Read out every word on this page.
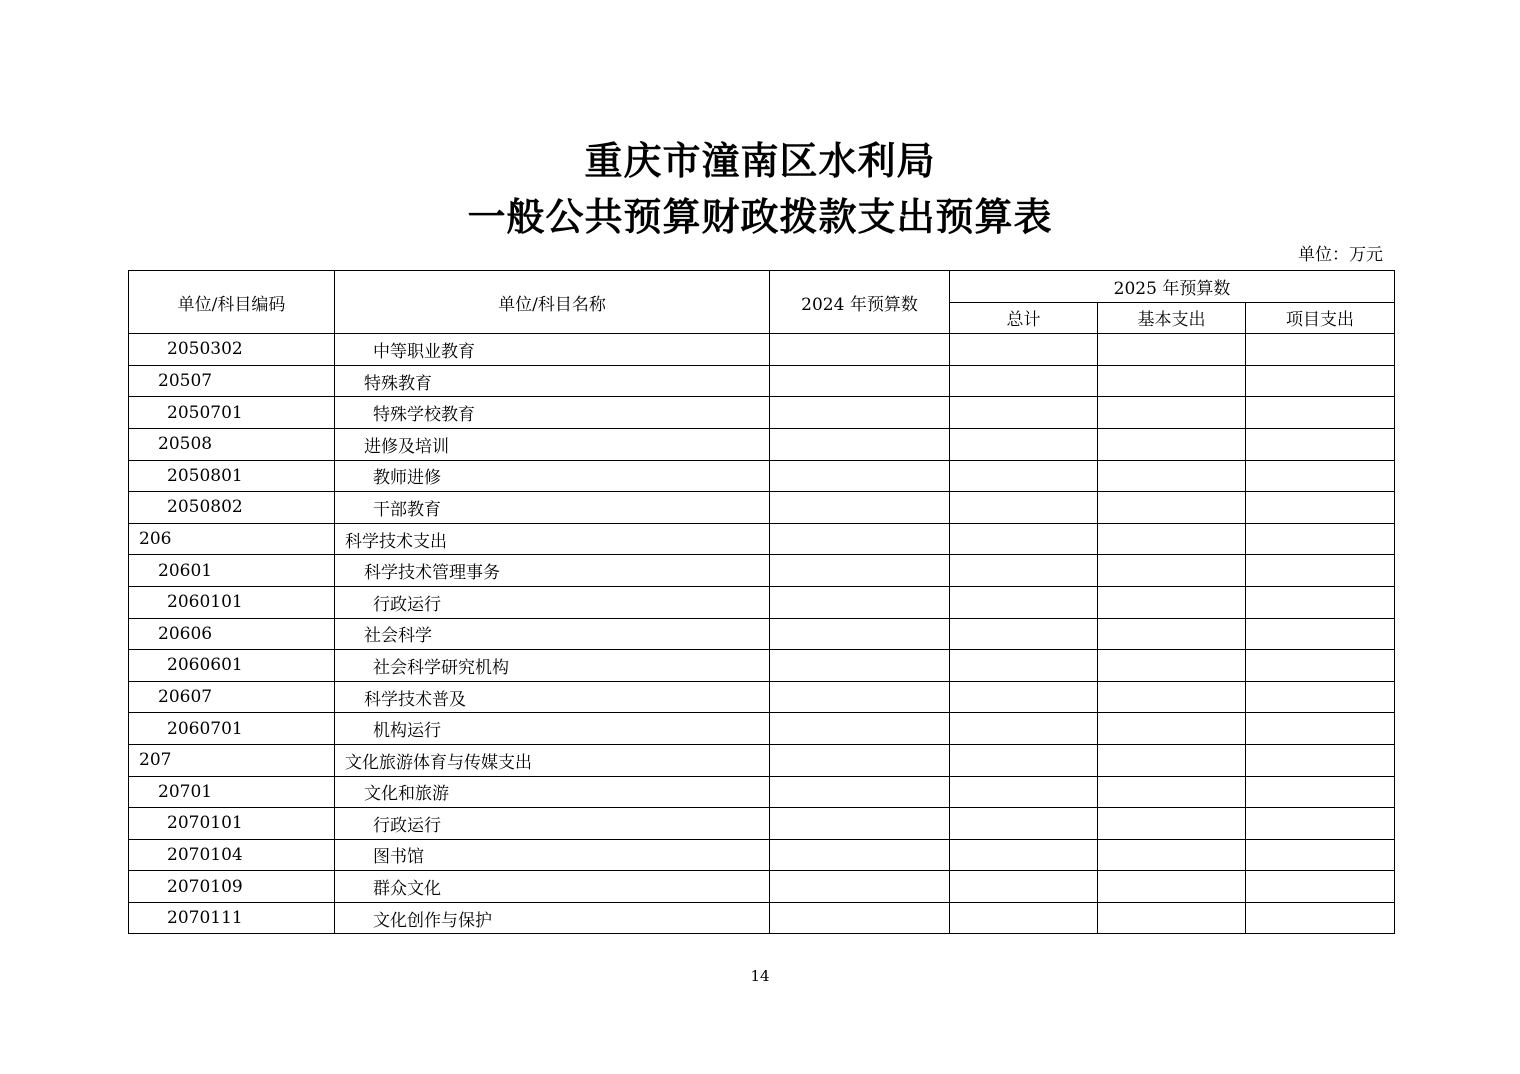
重庆市潼南区水利局
一般公共预算财政拨款支出预算表
单位：万元
单位/科目编码	单位/科目名称	2024 年预算数	2025 年预算数		
			总计	基本支出	项目支出
2050302	中等职业教育				
20507	特殊教育				
2050701	特殊学校教育				
20508	进修及培训				
2050801	教师进修				
2050802	干部教育				
206	科学技术支出				
20601	科学技术管理事务				
2060101	行政运行				
20606	社会科学				
2060601	社会科学研究机构				
20607	科学技术普及				
2060701	机构运行				
207	文化旅游体育与传媒支出				
20701	文化和旅游				
2070101	行政运行				
2070104	图书馆				
2070109	群众文化				
2070111	文化创作与保护				
14
